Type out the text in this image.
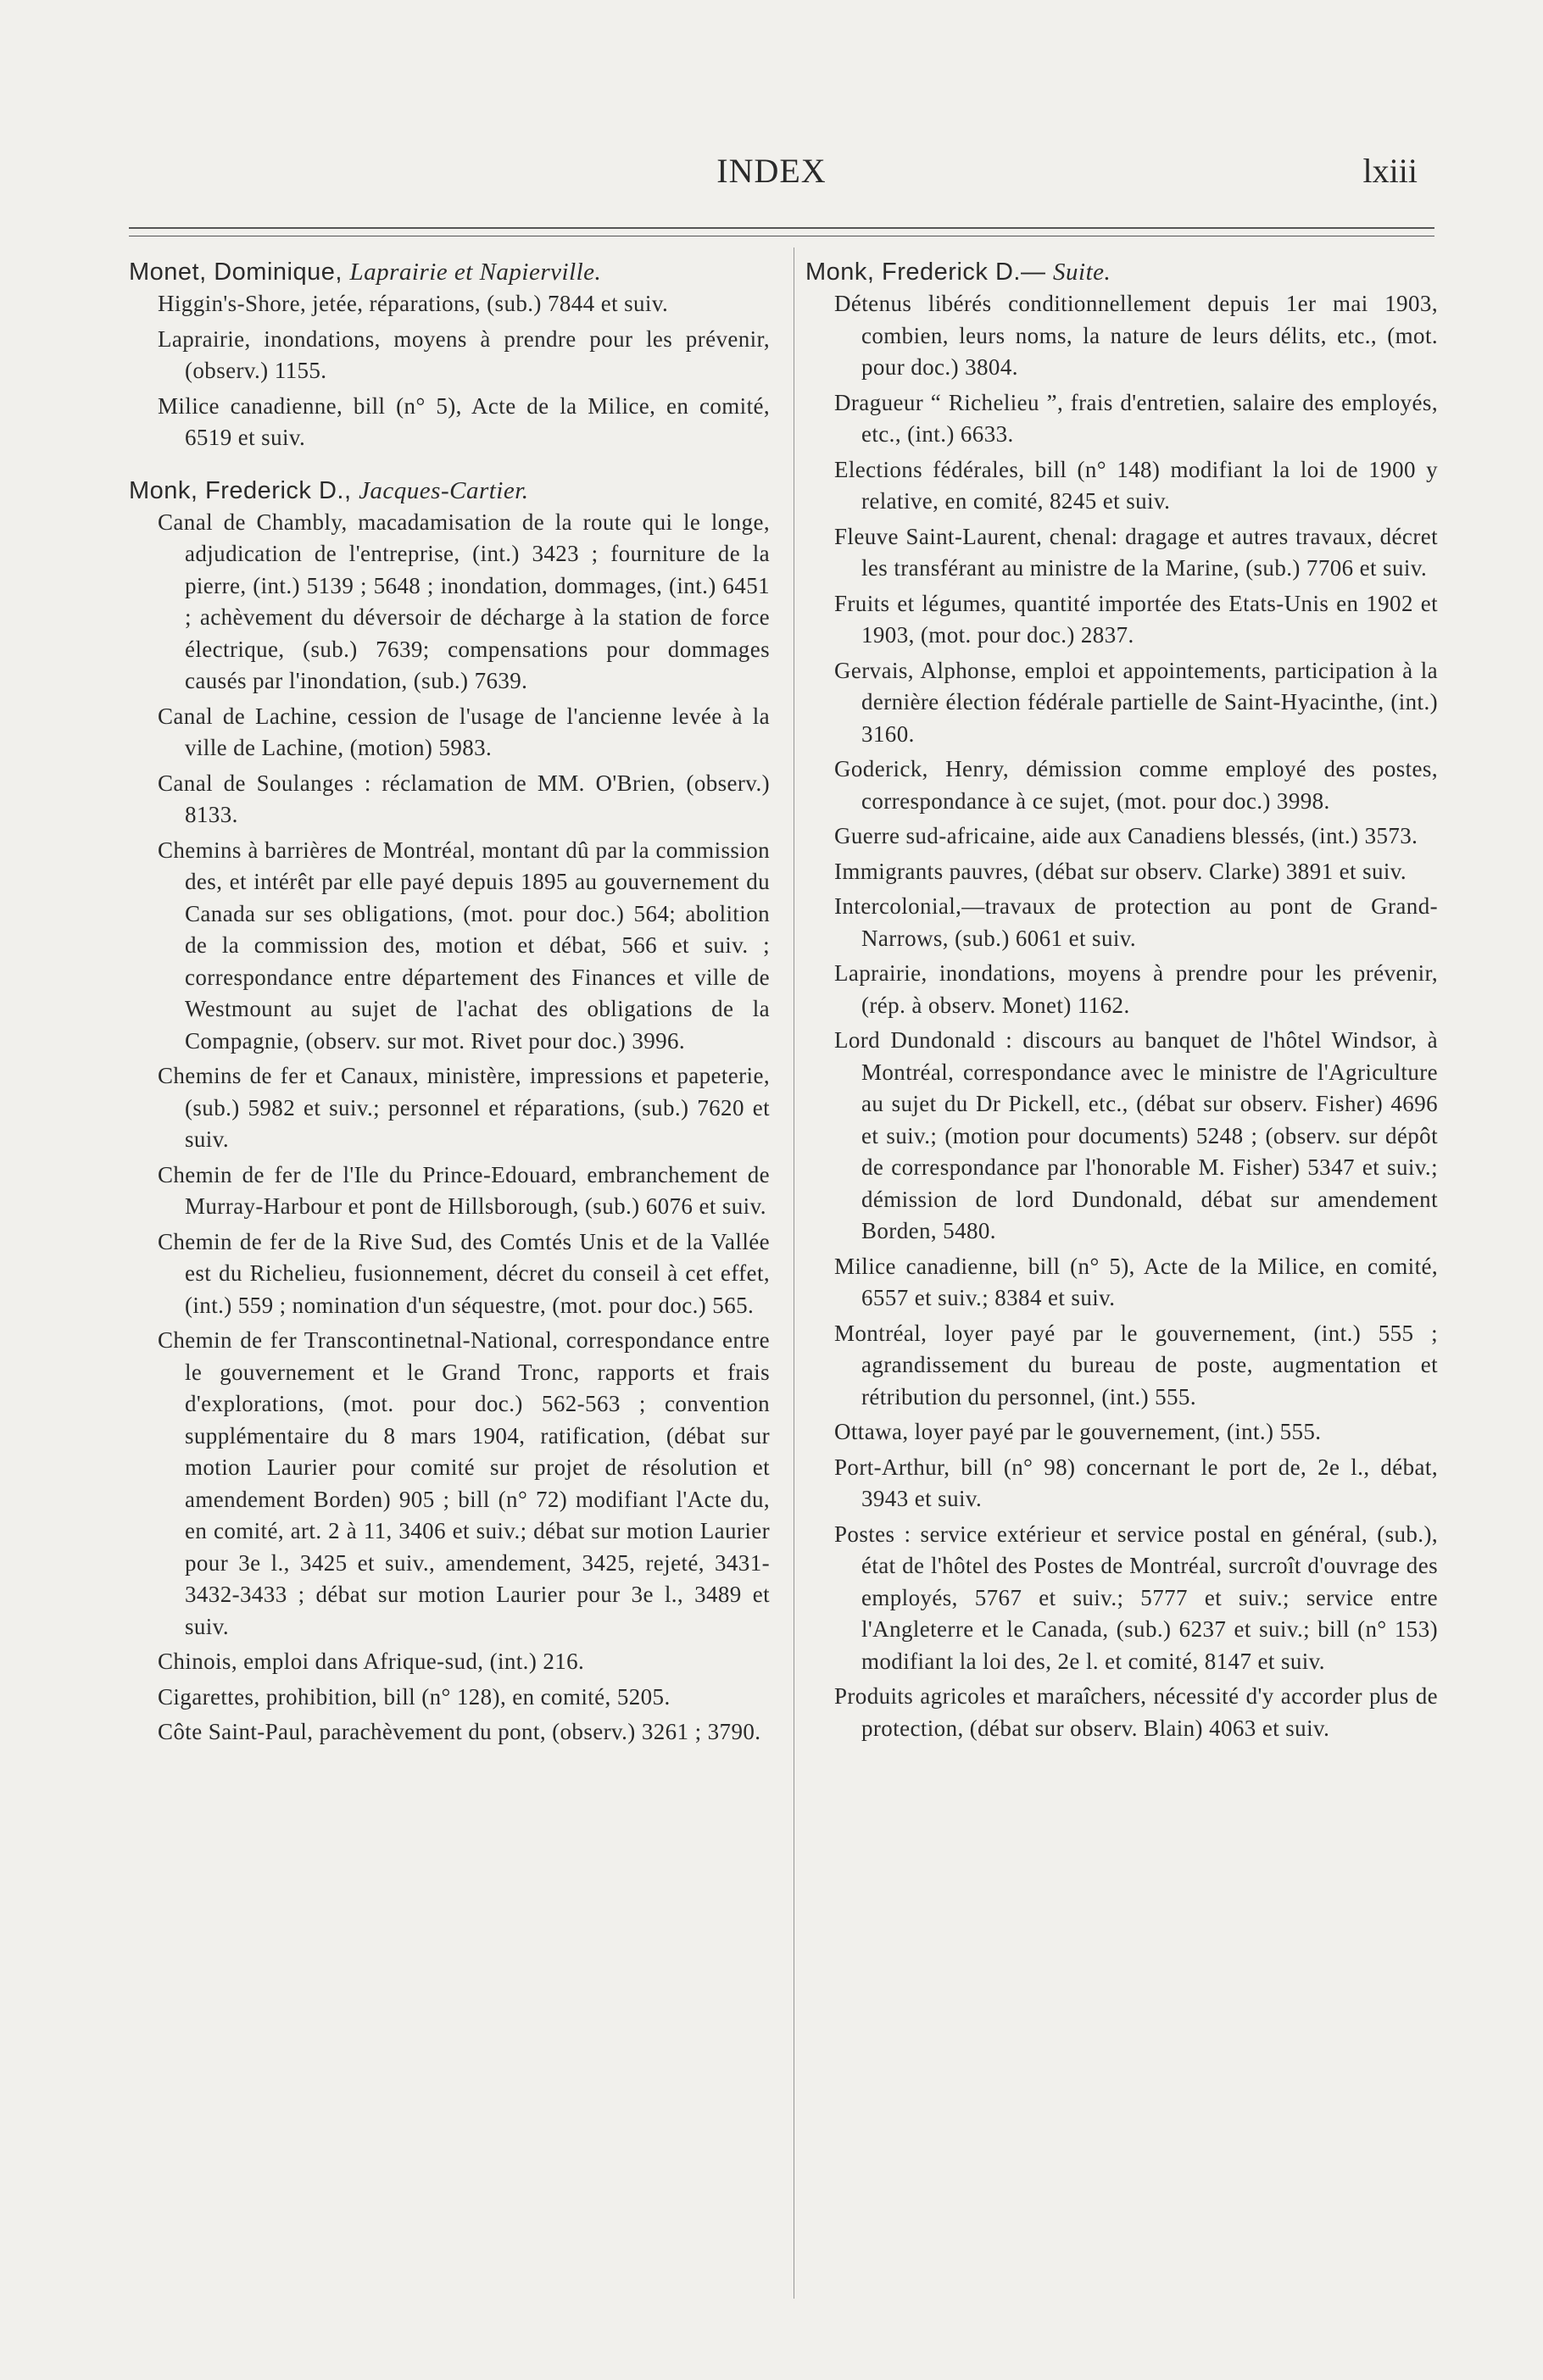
INDEX	lxiii
Monet, Dominique, Laprairie et Napierville.
Higgin's-Shore, jetée, réparations, (sub.) 7844 et suiv.
Laprairie, inondations, moyens à prendre pour les prévenir, (observ.) 1155.
Milice canadienne, bill (n° 5), Acte de la Milice, en comité, 6519 et suiv.
Monk, Frederick D., Jacques-Cartier.
Canal de Chambly, macadamisation de la route qui le longe, adjudication de l'entreprise, (int.) 3423 ; fourniture de la pierre, (int.) 5139 ; 5648 ; inondation, dommages, (int.) 6451 ; achèvement du déversoir de décharge à la station de force électrique, (sub.) 7639; compensations pour dommages causés par l'inondation, (sub.) 7639.
Canal de Lachine, cession de l'usage de l'ancienne levée à la ville de Lachine, (motion) 5983.
Canal de Soulanges : réclamation de MM. O'Brien, (observ.) 8133.
Chemins à barrières de Montréal, montant dû par la commission des, et intérêt par elle payé depuis 1895 au gouvernement du Canada sur ses obligations, (mot. pour doc.) 564; abolition de la commission des, motion et débat, 566 et suiv. ; correspondance entre département des Finances et ville de Westmount au sujet de l'achat des obligations de la Compagnie, (observ. sur mot. Rivet pour doc.) 3996.
Chemins de fer et Canaux, ministère, impressions et papeterie, (sub.) 5982 et suiv.; personnel et réparations, (sub.) 7620 et suiv.
Chemin de fer de l'Ile du Prince-Edouard, embranchement de Murray-Harbour et pont de Hillsborough, (sub.) 6076 et suiv.
Chemin de fer de la Rive Sud, des Comtés Unis et de la Vallée est du Richelieu, fusionnement, décret du conseil à cet effet, (int.) 559 ; nomination d'un séquestre, (mot. pour doc.) 565.
Chemin de fer Transcontinetnal-National, correspondance entre le gouvernement et le Grand Tronc, rapports et frais d'explorations, (mot. pour doc.) 562-563 ; convention supplémentaire du 8 mars 1904, ratification, (débat sur motion Laurier pour comité sur projet de résolution et amendement Borden) 905 ; bill (n° 72) modifiant l'Acte du, en comité, art. 2 à 11, 3406 et suiv.; débat sur motion Laurier pour 3e l., 3425 et suiv., amendement, 3425, rejeté, 3431-3432-3433 ; débat sur motion Laurier pour 3e l., 3489 et suiv.
Chinois, emploi dans Afrique-sud, (int.) 216.
Cigarettes, prohibition, bill (n° 128), en comité, 5205.
Côte Saint-Paul, parachèvement du pont, (observ.) 3261 ; 3790.
Monk, Frederick D.— Suite.
Détenus libérés conditionnellement depuis 1er mai 1903, combien, leurs noms, la nature de leurs délits, etc., (mot. pour doc.) 3804.
Dragueur “ Richelieu ”, frais d'entretien, salaire des employés, etc., (int.) 6633.
Elections fédérales, bill (n° 148) modifiant la loi de 1900 y relative, en comité, 8245 et suiv.
Fleuve Saint-Laurent, chenal: dragage et autres travaux, décret les transférant au ministre de la Marine, (sub.) 7706 et suiv.
Fruits et légumes, quantité importée des Etats-Unis en 1902 et 1903, (mot. pour doc.) 2837.
Gervais, Alphonse, emploi et appointements, participation à la dernière élection fédérale partielle de Saint-Hyacinthe, (int.) 3160.
Goderick, Henry, démission comme employé des postes, correspondance à ce sujet, (mot. pour doc.) 3998.
Guerre sud-africaine, aide aux Canadiens blessés, (int.) 3573.
Immigrants pauvres, (débat sur observ. Clarke) 3891 et suiv.
Intercolonial,—travaux de protection au pont de Grand-Narrows, (sub.) 6061 et suiv.
Laprairie, inondations, moyens à prendre pour les prévenir, (rép. à observ. Monet) 1162.
Lord Dundonald : discours au banquet de l'hôtel Windsor, à Montréal, correspondance avec le ministre de l'Agriculture au sujet du Dr Pickell, etc., (débat sur observ. Fisher) 4696 et suiv.; (motion pour documents) 5248 ; (observ. sur dépôt de correspondance par l'honorable M. Fisher) 5347 et suiv.; démission de lord Dundonald, débat sur amendement Borden, 5480.
Milice canadienne, bill (n° 5), Acte de la Milice, en comité, 6557 et suiv.; 8384 et suiv.
Montréal, loyer payé par le gouvernement, (int.) 555 ; agrandissement du bureau de poste, augmentation et rétribution du personnel, (int.) 555.
Ottawa, loyer payé par le gouvernement, (int.) 555.
Port-Arthur, bill (n° 98) concernant le port de, 2e l., débat, 3943 et suiv.
Postes : service extérieur et service postal en général, (sub.), état de l'hôtel des Postes de Montréal, surcroît d'ouvrage des employés, 5767 et suiv.; 5777 et suiv.; service entre l'Angleterre et le Canada, (sub.) 6237 et suiv.; bill (n° 153) modifiant la loi des, 2e l. et comité, 8147 et suiv.
Produits agricoles et maraîchers, nécessité d'y accorder plus de protection, (débat sur observ. Blain) 4063 et suiv.
